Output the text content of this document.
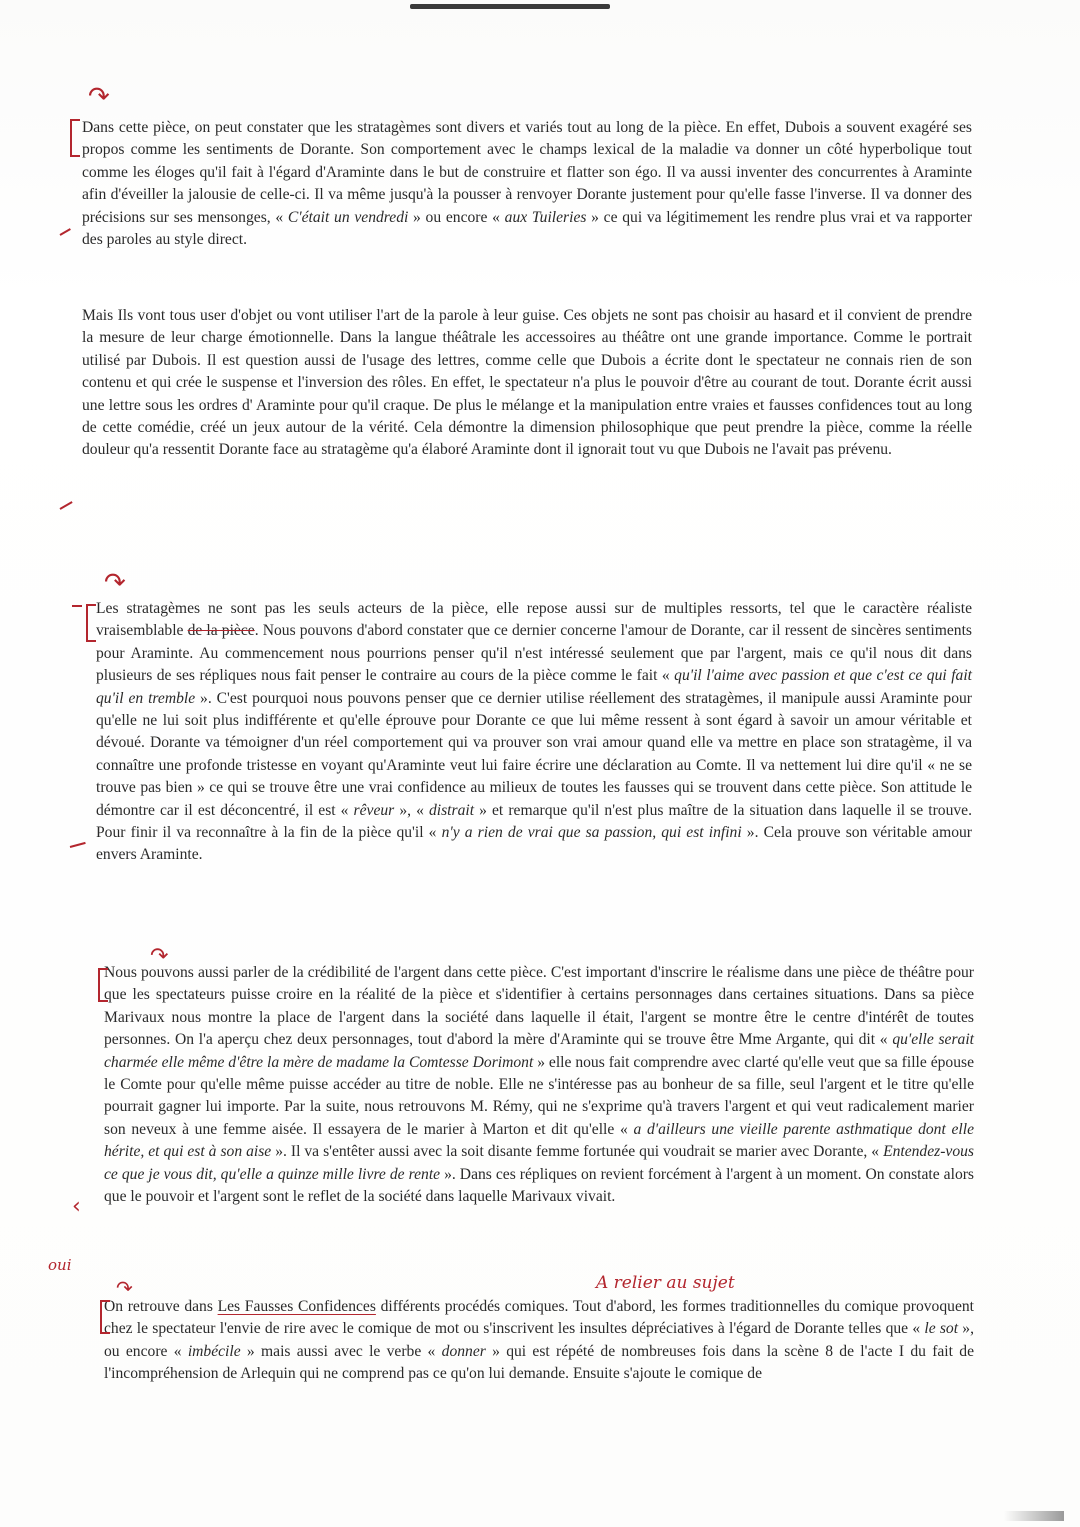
Dans cette pièce, on peut constater que les stratagèmes sont divers et variés tout au long de la pièce. En effet, Dubois a souvent exagéré ses propos comme les sentiments de Dorante. Son comportement avec le champs lexical de la maladie va donner un côté hyperbolique tout comme les éloges qu'il fait à l'égard d'Araminte dans le but de construire et flatter son égo. Il va aussi inventer des concurrentes à Araminte afin d'éveiller la jalousie de celle-ci. Il va même jusqu'à la pousser à renvoyer Dorante justement pour qu'elle fasse l'inverse. Il va donner des précisions sur ses mensonges, « C'était un vendredi » ou encore « aux Tuileries » ce qui va légitimement les rendre plus vrai et va rapporter des paroles au style direct.

Mais Ils vont tous user d'objet ou vont utiliser l'art de la parole à leur guise. Ces objets ne sont pas choisir au hasard et il convient de prendre la mesure de leur charge émotionnelle. Dans la langue théâtrale les accessoires au théâtre ont une grande importance. Comme le portrait utilisé par Dubois. Il est question aussi de l'usage des lettres, comme celle que Dubois a écrite dont le spectateur ne connais rien de son contenu et qui crée le suspense et l'inversion des rôles. En effet, le spectateur n'a plus le pouvoir d'être au courant de tout. Dorante écrit aussi une lettre sous les ordres d' Araminte pour qu'il craque. De plus le mélange et la manipulation entre vraies et fausses confidences tout au long de cette comédie, créé un jeux autour de la vérité. Cela démontre la dimension philosophique que peut prendre la pièce, comme la réelle douleur qu'a ressentit Dorante face au stratagème qu'a élaboré Araminte dont il ignorait tout vu que Dubois ne l'avait pas prévenu.

Les stratagèmes ne sont pas les seuls acteurs de la pièce, elle repose aussi sur de multiples ressorts, tel que le caractère réaliste vraisemblable de la pièce. Nous pouvons d'abord constater que ce dernier concerne l'amour de Dorante, car il ressent de sincères sentiments pour Araminte. Au commencement nous pourrions penser qu'il n'est intéressé seulement que par l'argent, mais ce qu'il nous dit dans plusieurs de ses répliques nous fait penser le contraire au cours de la pièce comme le fait « qu'il l'aime avec passion et que c'est ce qui fait qu'il en tremble ». C'est pourquoi nous pouvons penser que ce dernier utilise réellement des stratagèmes, il manipule aussi Araminte pour qu'elle ne lui soit plus indifférente et qu'elle éprouve pour Dorante ce que lui même ressent à sont égard à savoir un amour véritable et dévoué. Dorante va témoigner d'un réel comportement qui va prouver son vrai amour quand elle va mettre en place son stratagème, il va connaître une profonde tristesse en voyant qu'Araminte veut lui faire écrire une déclaration au Comte. Il va nettement lui dire qu'il « ne se trouve pas bien » ce qui se trouve être une vrai confidence au milieux de toutes les fausses qui se trouvent dans cette pièce. Son attitude le démontre car il est déconcentré, il est « rêveur », « distrait » et remarque qu'il n'est plus maître de la situation dans laquelle il se trouve. Pour finir il va reconnaître à la fin de la pièce qu'il « n'y a rien de vrai que sa passion, qui est infini ». Cela prouve son véritable amour envers Araminte.

Nous pouvons aussi parler de la crédibilité de l'argent dans cette pièce. C'est important d'inscrire le réalisme dans une pièce de théâtre pour que les spectateurs puisse croire en la réalité de la pièce et s'identifier à certains personnages dans certaines situations. Dans sa pièce Marivaux nous montre la place de l'argent dans la société dans laquelle il était, l'argent se montre être le centre d'intérêt de toutes personnes. On l'a aperçu chez deux personnages, tout d'abord la mère d'Araminte qui se trouve être Mme Argante, qui dit « qu'elle serait charmée elle même d'être la mère de madame la Comtesse Dorimont » elle nous fait comprendre avec clarté qu'elle veut que sa fille épouse le Comte pour qu'elle même puisse accéder au titre de noble. Elle ne s'intéresse pas au bonheur de sa fille, seul l'argent et le titre qu'elle pourrait gagner lui importe. Par la suite, nous retrouvons M. Rémy, qui ne s'exprime qu'à travers l'argent et qui veut radicalement marier son neveux à une femme aisée. Il essayera de le marier à Marton et dit qu'elle « a d'ailleurs une vieille parente asthmatique dont elle hérite, et qui est à son aise ». Il va s'entêter aussi avec la soit disante femme fortunée qui voudrait se marier avec Dorante, « Entendez-vous ce que je vous dit, qu'elle a quinze mille livre de rente ». Dans ces répliques on revient forcément à l'argent à un moment. On constate alors que le pouvoir et l'argent sont le reflet de la société dans laquelle Marivaux vivait.

On retrouve dans Les Fausses Confidences différents procédés comiques. Tout d'abord, les formes traditionnelles du comique provoquent chez le spectateur l'envie de rire avec le comique de mot ou s'inscrivent les insultes dépréciatives à l'égard de Dorante telles que « le sot », ou encore « imbécile » mais aussi avec le verbe « donner » qui est répété de nombreuses fois dans la scène 8 de l'acte I du fait de l'incompréhension de Arlequin qui ne comprend pas ce qu'on lui demande. Ensuite s'ajoute le comique de

↷
↷
↷
‹
oui
A relier au sujet
↷
